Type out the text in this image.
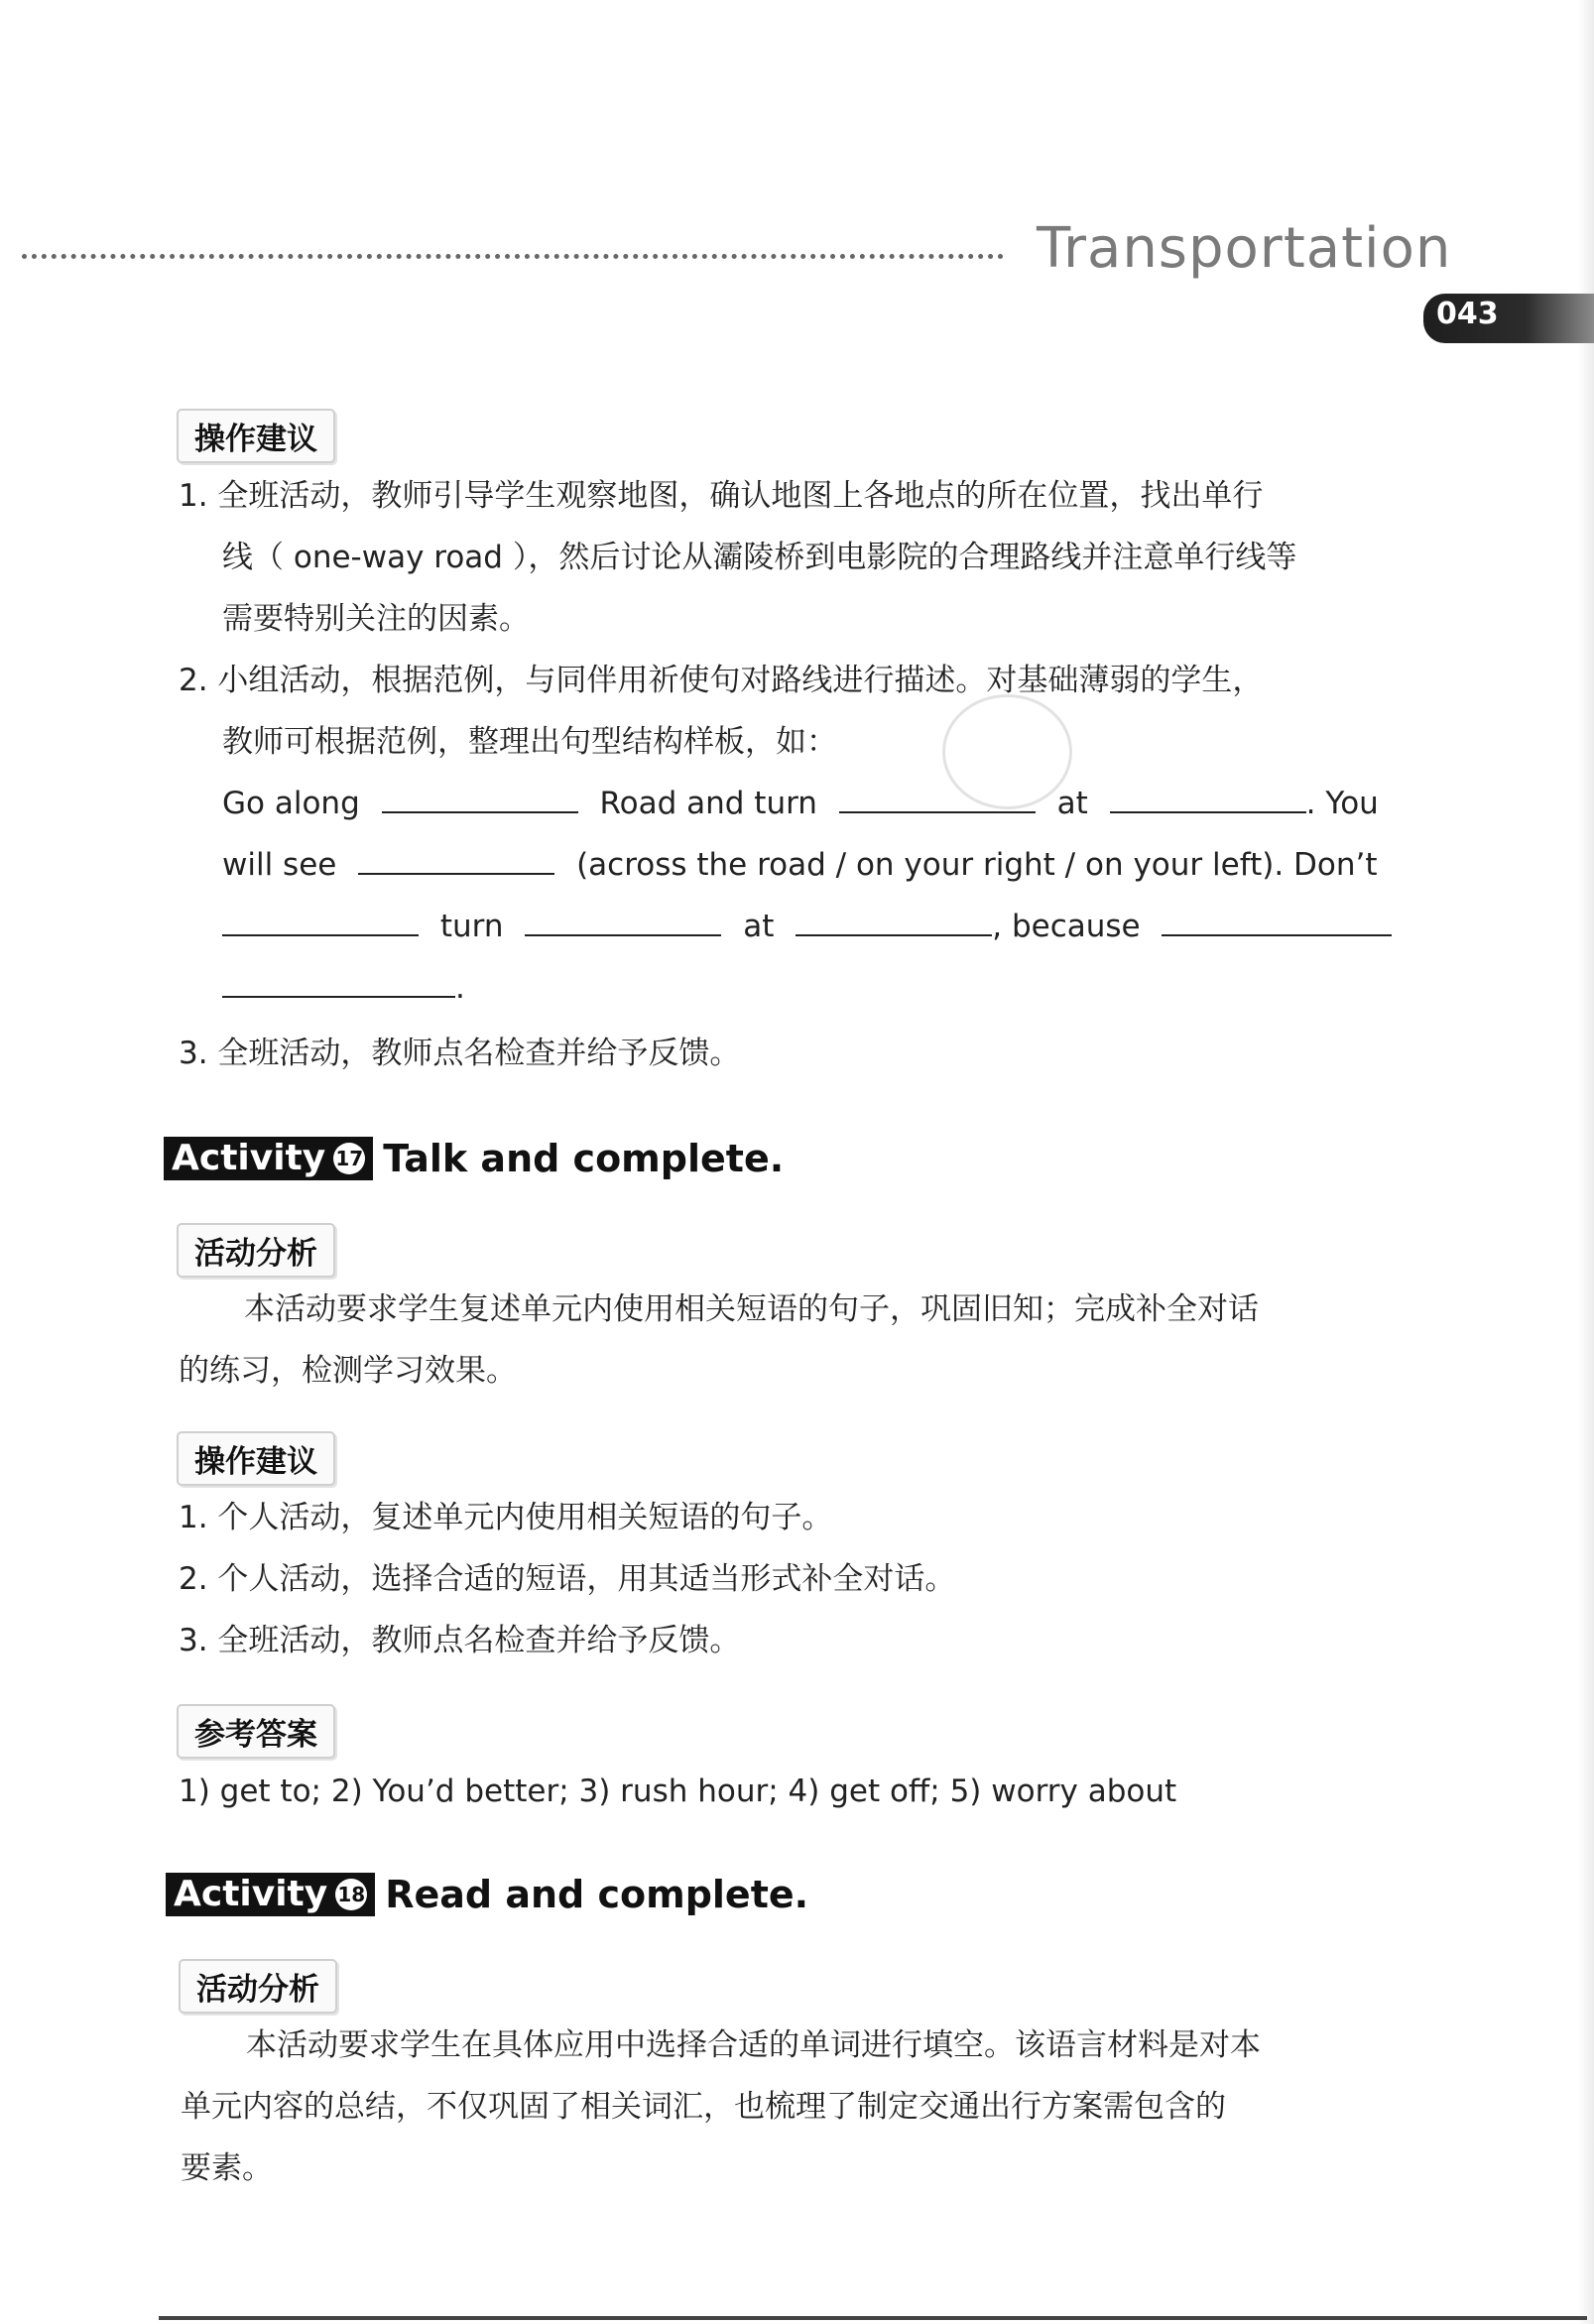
Transportation
043
操作建议
1. 全班活动，教师引导学生观察地图，确认地图上各地点的所在位置，找出单行
线（ one-way road ），然后讨论从灞陵桥到电影院的合理路线并注意单行线等
需要特别关注的因素。
2. 小组活动，根据范例，与同伴用祈使句对路线进行描述。对基础薄弱的学生，
教师可根据范例，整理出句型结构样板，如：
Go along	Road and turn	at	. You
will see	(across the road / on your right / on your left). Don’t
turn	at	, because
.
3. 全班活动，教师点名检查并给予反馈。
Activity 17 Talk and complete.
活动分析
本活动要求学生复述单元内使用相关短语的句子，巩固旧知；完成补全对话
的练习，检测学习效果。
操作建议
1. 个人活动，复述单元内使用相关短语的句子。
2. 个人活动，选择合适的短语，用其适当形式补全对话。
3. 全班活动，教师点名检查并给予反馈。
参考答案
1) get to; 2) You’d better; 3) rush hour; 4) get off; 5) worry about
Activity 18 Read and complete.
活动分析
本活动要求学生在具体应用中选择合适的单词进行填空。该语言材料是对本
单元内容的总结，不仅巩固了相关词汇，也梳理了制定交通出行方案需包含的
要素。
